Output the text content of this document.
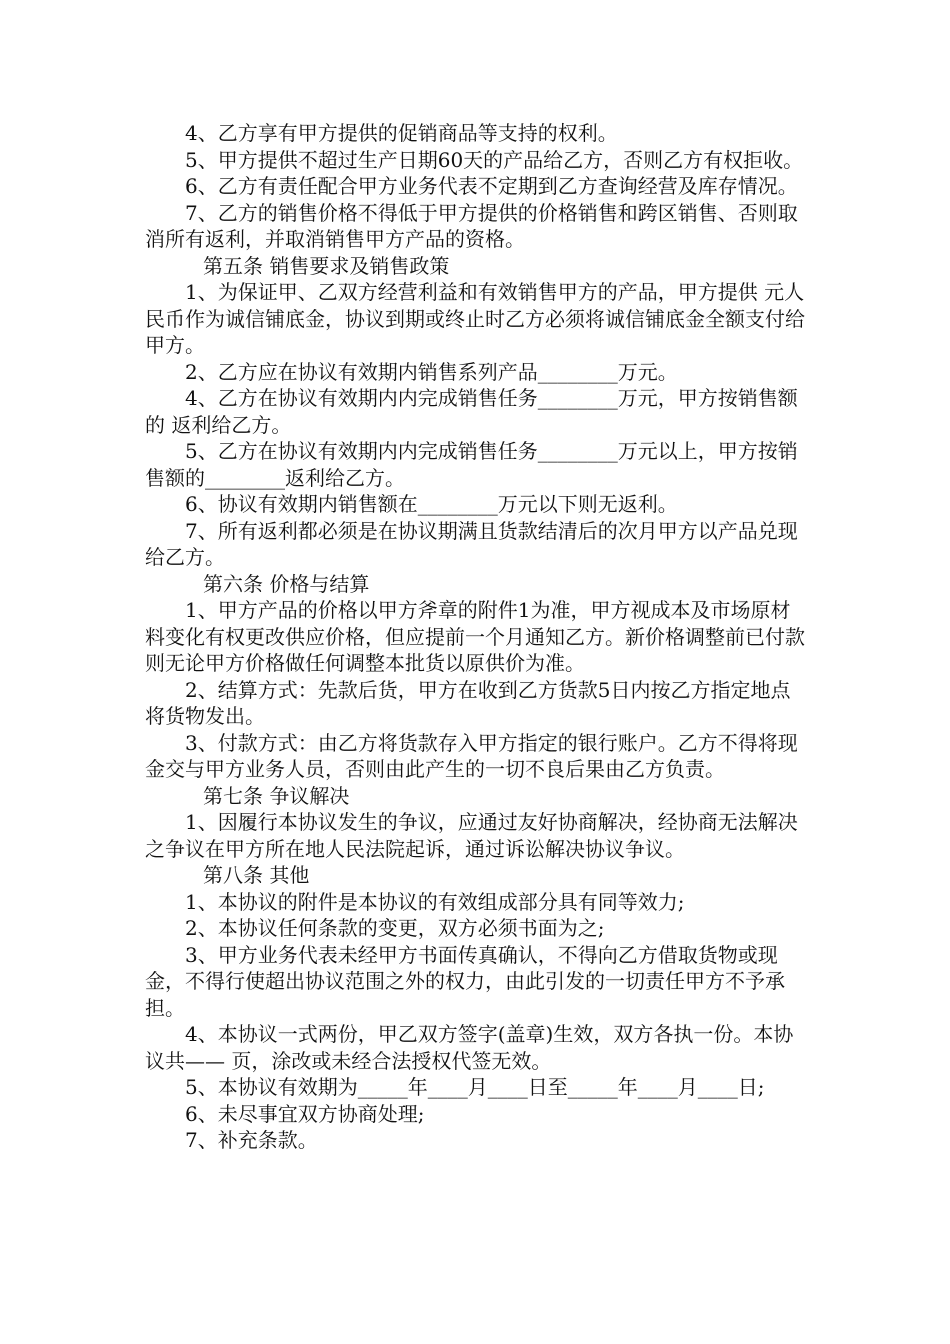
4、乙方享有甲方提供的促销商品等支持的权利。

5、甲方提供不超过生产日期60天的产品给乙方，否则乙方有权拒收。

6、乙方有责任配合甲方业务代表不定期到乙方查询经营及库存情况。

7、乙方的销售价格不得低于甲方提供的价格销售和跨区销售、否则取消所有返利，并取消销售甲方产品的资格。

第五条 销售要求及销售政策

1、为保证甲、乙双方经营利益和有效销售甲方的产品，甲方提供 元人民币作为诚信铺底金，协议到期或终止时乙方必须将诚信铺底金全额支付给甲方。

2、乙方应在协议有效期内销售系列产品________万元。

4、乙方在协议有效期内内完成销售任务________万元，甲方按销售额的 返利给乙方。

5、乙方在协议有效期内内完成销售任务________万元以上，甲方按销售额的________返利给乙方。

6、协议有效期内销售额在________万元以下则无返利。

7、所有返利都必须是在协议期满且货款结清后的次月甲方以产品兑现给乙方。

第六条 价格与结算

1、甲方产品的价格以甲方斧章的附件1为准，甲方视成本及市场原材料变化有权更改供应价格，但应提前一个月通知乙方。新价格调整前已付款则无论甲方价格做任何调整本批货以原供价为准。

2、结算方式：先款后货，甲方在收到乙方货款5日内按乙方指定地点将货物发出。

3、付款方式：由乙方将货款存入甲方指定的银行账户。乙方不得将现金交与甲方业务人员，否则由此产生的一切不良后果由乙方负责。

第七条 争议解决

1、因履行本协议发生的争议，应通过友好协商解决，经协商无法解决之争议在甲方所在地人民法院起诉，通过诉讼解决协议争议。

第八条 其他

1、本协议的附件是本协议的有效组成部分具有同等效力;

2、本协议任何条款的变更，双方必须书面为之;

3、甲方业务代表未经甲方书面传真确认，不得向乙方借取货物或现金，不得行使超出协议范围之外的权力，由此引发的一切责任甲方不予承担。

4、本协议一式两份，甲乙双方签字(盖章)生效，双方各执一份。本协议共—— 页，涂改或未经合法授权代签无效。

5、本协议有效期为_____年____月____日至_____年____月____日;

6、未尽事宜双方协商处理;

7、补充条款。
